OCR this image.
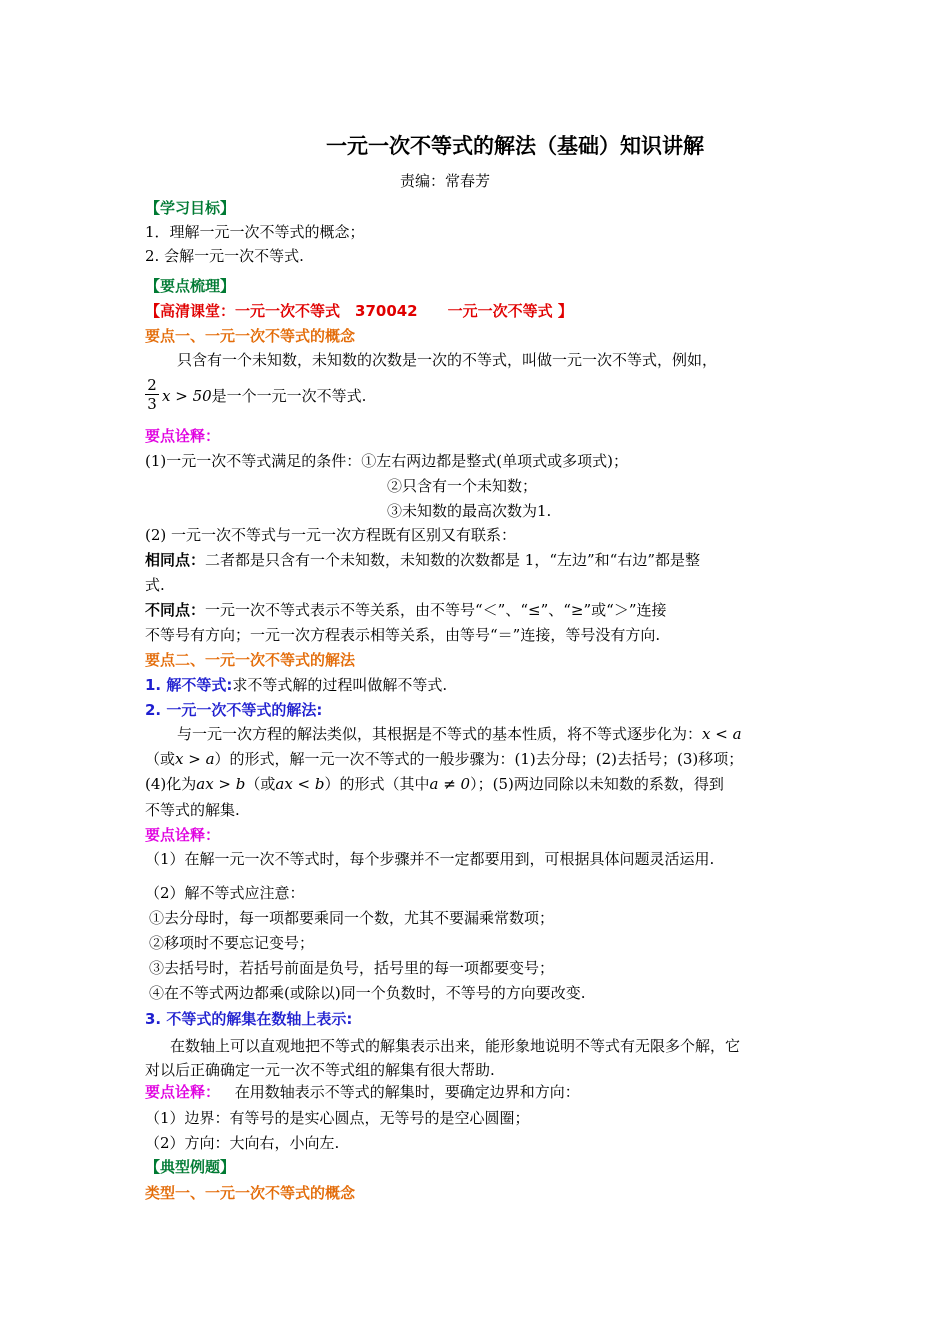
一元一次不等式的解法（基础）知识讲解
责编：常春芳
【学习目标】
1．理解一元一次不等式的概念；
2. 会解一元一次不等式.
【要点梳理】
【高清课堂：一元一次不等式　370042　　一元一次不等式 】
要点一、一元一次不等式的概念
只含有一个未知数，未知数的次数是一次的不等式，叫做一元一次不等式，例如，
$\frac{2}{3}$ x > 50是一个一元一次不等式.
要点诠释：
(1)一元一次不等式满足的条件：①左右两边都是整式(单项式或多项式)；
②只含有一个未知数；
③未知数的最高次数为1.
(2) 一元一次不等式与一元一次方程既有区别又有联系：
相同点：二者都是只含有一个未知数，未知数的次数都是 1，“左边”和“右边”都是整
式.
不同点：一元一次不等式表示不等关系，由不等号“＜”、“≤”、“≥”或“＞”连接
不等号有方向；一元一次方程表示相等关系，由等号“＝”连接，等号没有方向.
要点二、一元一次不等式的解法
1. 解不等式:求不等式解的过程叫做解不等式.
2. 一元一次不等式的解法:
与一元一次方程的解法类似，其根据是不等式的基本性质，将不等式逐步化为：x < a
（或x > a）的形式，解一元一次不等式的一般步骤为：(1)去分母；(2)去括号；(3)移项；
(4)化为ax > b（或ax < b）的形式（其中a ≠ 0）；(5)两边同除以未知数的系数，得到
不等式的解集.
要点诠释：
（1）在解一元一次不等式时，每个步骤并不一定都要用到，可根据具体问题灵活运用.
（2）解不等式应注意：
①去分母时，每一项都要乘同一个数，尤其不要漏乘常数项；
②移项时不要忘记变号；
③去括号时，若括号前面是负号，括号里的每一项都要变号；
④在不等式两边都乘(或除以)同一个负数时，不等号的方向要改变.
3. 不等式的解集在数轴上表示:
在数轴上可以直观地把不等式的解集表示出来，能形象地说明不等式有无限多个解，它
对以后正确确定一元一次不等式组的解集有很大帮助.
要点诠释： 在用数轴表示不等式的解集时，要确定边界和方向：
（1）边界：有等号的是实心圆点，无等号的是空心圆圈；
（2）方向：大向右，小向左.
【典型例题】
类型一、一元一次不等式的概念
